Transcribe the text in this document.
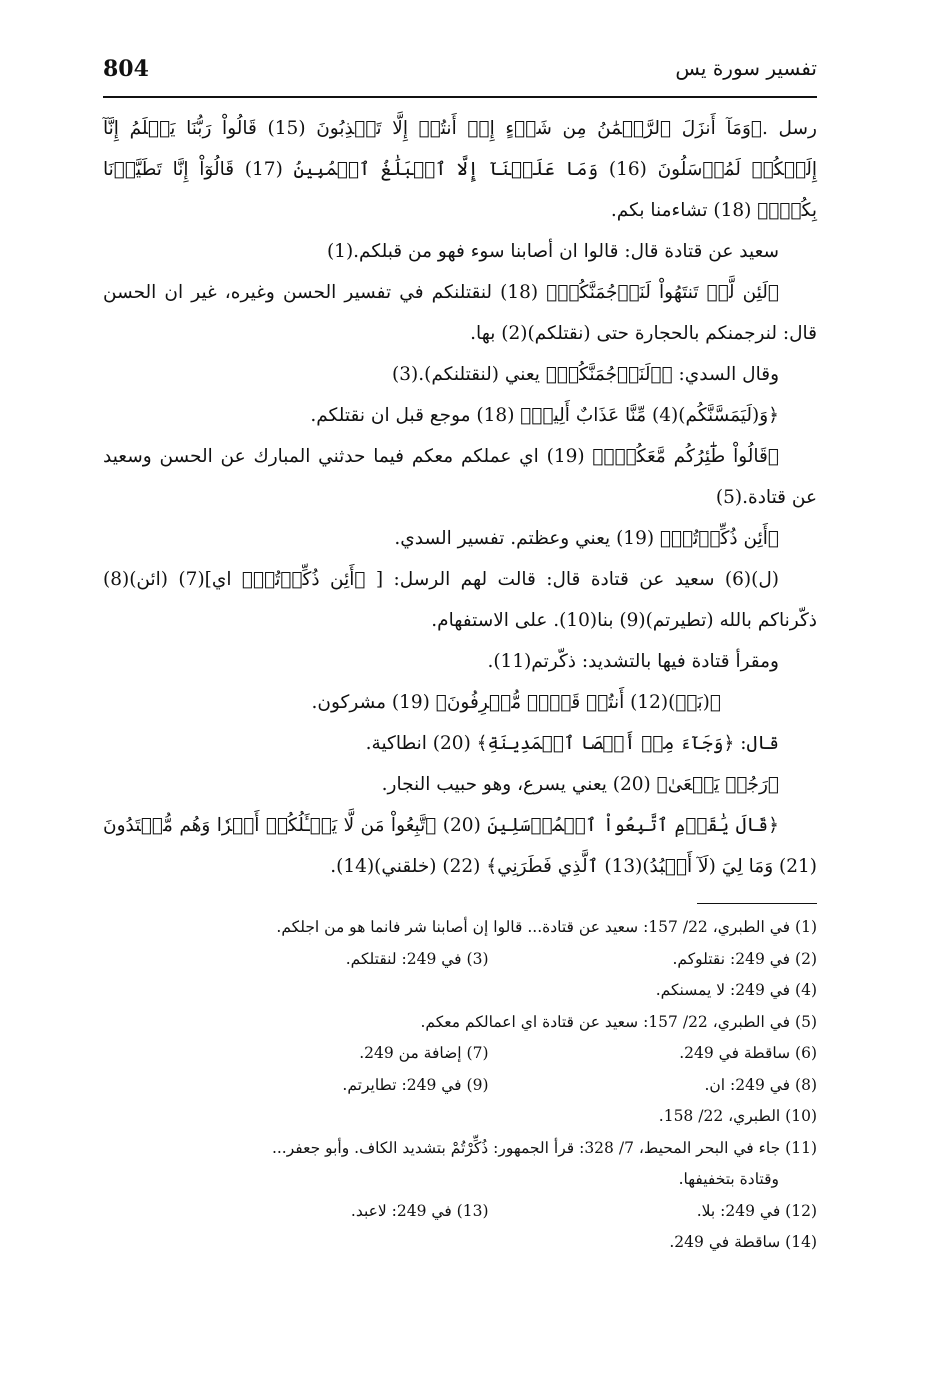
804	تفسير سورة يس

رسل .﴿وَمَآ أَنزَلَ ٱلرَّحۡمَٰنُ مِن شَيۡءٍ إِنۡ أَنتُمۡ إِلَّا تَكۡذِبُونَ (15) قَالُواْ رَبُّنَا يَعۡلَمُ إِنَّآ إِلَيۡكُمۡ لَمُرۡسَلُونَ (16) وَمَا عَلَيۡنَآ إِلَّا ٱلۡبَلَٰغُ ٱلۡمُبِينُ (17) قَالُوٓاْ إِنَّا تَطَيَّرۡنَا بِكُمۡۖ﴾ (18) تشاءمنا بكم.

سعيد عن قتادة قال: قالوا ان أصابنا سوء فهو من قبلكم.(1)

﴿لَئِن لَّمۡ تَنتَهُواْ لَنَرۡجُمَنَّكُمۡ﴾ (18) لنقتلنكم في تفسير الحسن وغيره، غير ان الحسن قال: لنرجمنكم بالحجارة حتى (نقتلكم)(2) بها.

وقال السدي: ﴿﴿لَنَرۡجُمَنَّكُمۡ﴾ يعني (لنقتلنكم).(3)

﴿وَ(لَيَمَسَّنَّكُم)(4) مِّنَّا عَذَابٌ أَلِيمٞ﴾ (18) موجع قبل ان نقتلكم.

﴿قَالُواْ طَٰٓئِرُكُم مَّعَكُمۡۚ﴾ (19) اي عملكم معكم فيما حدثني المبارك عن الحسن وسعيد عن قتادة.(5)

﴿أَئِن ذُكِّرۡتُمۚ﴾ (19) يعني وعظتم. تفسير السدي.

(ل)(6) سعيد عن قتادة قال: قالت لهم الرسل: [ ﴿أَئِن ذُكِّرۡتُمۚ﴾ اي](7) (ائن)(8) ذكّرناكم بالله (تطيرتم)(9) بنا(10). على الاستفهام.

ومقرأ قتادة فيها بالتشديد: ذكّرتم(11).

﴿(بَلۡ)(12) أَنتُمۡ قَوۡمٞ مُّسۡرِفُونَ﴾ (19) مشركون.

قال: ﴿وَجَآءَ مِنۡ أَقۡصَا ٱلۡمَدِينَةِ﴾ (20) انطاكية.

﴿رَجُلٞ يَسۡعَىٰ﴾ (20) يعني يسرع، وهو حبيب النجار.

﴿قَالَ يَٰقَوۡمِ ٱتَّبِعُواْ ٱلۡمُرۡسَلِينَ (20) ٱتَّبِعُواْ مَن لَّا يَسۡـَٔلُكُمۡ أَجۡرٗا وَهُم مُّهۡتَدُونَ (21) وَمَا لِيَ (لَآ أَعۡبُدُ)(13) ٱلَّذِي فَطَرَنِي﴾ (22) (خلقني)(14).

(1) في الطبري، 22/ 157: سعيد عن قتادة... قالوا إن أصابنا شر فانما هو من اجلكم.
(2) في 249: نقتلوكم.
(3) في 249: لنقتلكم.
(4) في 249: لا يمسنكم.
(5) في الطبري، 22/ 157: سعيد عن قتادة اي اعمالكم معكم.
(6) ساقطة في 249.
(7) إضافة من 249.
(8) في 249: ان.
(9) في 249: تطايرتم.
(10) الطبري، 22/ 158.
(11) جاء في البحر المحيط، 7/ 328: قرأ الجمهور: ذُكِّرْتُمْ بتشديد الكاف. وأبو جعفر...
وقتادة بتخفيفها.
(12) في 249: بلا.
(13) في 249: لاعبد.
(14) ساقطة في 249.
